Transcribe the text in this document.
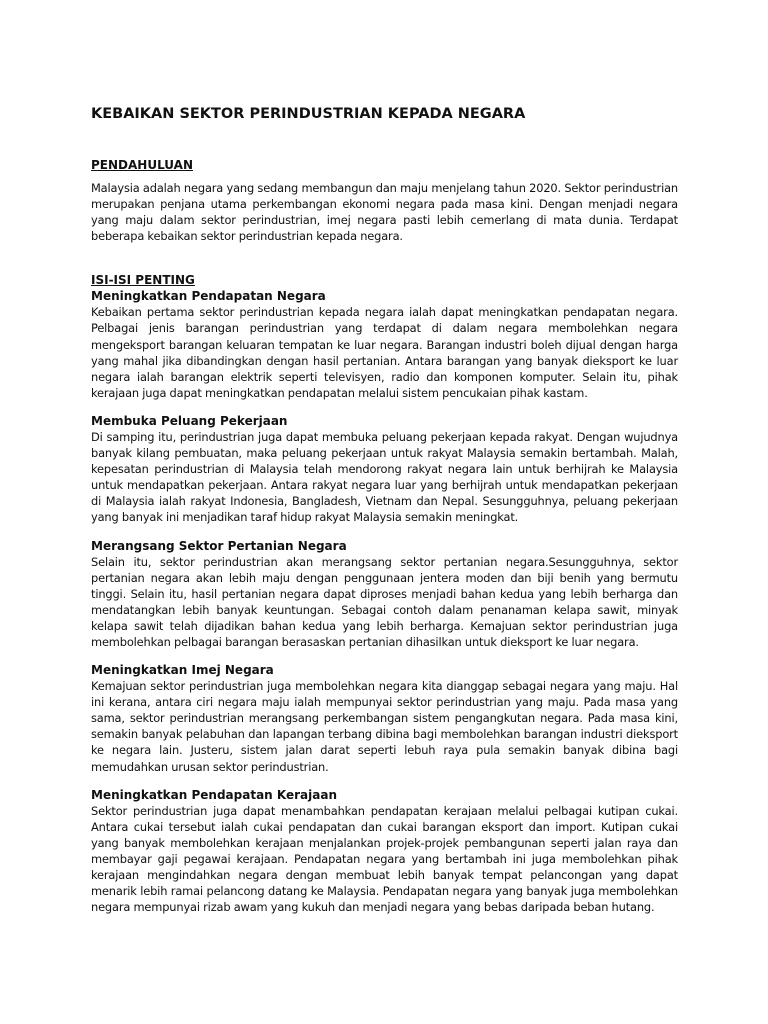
KEBAIKAN SEKTOR PERINDUSTRIAN KEPADA NEGARA
PENDAHULUAN

Malaysia adalah negara yang sedang membangun dan maju menjelang tahun 2020. Sektor perindustrian merupakan penjana utama perkembangan ekonomi negara pada masa kini. Dengan menjadi negara yang maju dalam sektor perindustrian, imej negara pasti lebih cemerlang di mata dunia. Terdapat beberapa kebaikan sektor perindustrian kepada negara.

ISI-ISI PENTING
Meningkatkan Pendapatan Negara

Kebaikan pertama sektor perindustrian kepada negara ialah dapat meningkatkan pendapatan negara. Pelbagai jenis barangan perindustrian yang terdapat di dalam negara membolehkan negara mengeksport barangan keluaran tempatan ke luar negara. Barangan industri boleh dijual dengan harga yang mahal jika dibandingkan dengan hasil pertanian. Antara barangan yang banyak dieksport ke luar negara ialah barangan elektrik seperti televisyen, radio dan komponen komputer. Selain itu, pihak kerajaan juga dapat meningkatkan pendapatan melalui sistem pencukaian pihak kastam.

Membuka Peluang Pekerjaan

Di samping itu, perindustrian juga dapat membuka peluang pekerjaan kepada rakyat. Dengan wujudnya banyak kilang pembuatan, maka peluang pekerjaan untuk rakyat Malaysia semakin bertambah. Malah, kepesatan perindustrian di Malaysia telah mendorong rakyat negara lain untuk berhijrah ke Malaysia untuk mendapatkan pekerjaan. Antara rakyat negara luar yang berhijrah untuk mendapatkan pekerjaan di Malaysia ialah rakyat Indonesia, Bangladesh, Vietnam dan Nepal. Sesungguhnya, peluang pekerjaan yang banyak ini menjadikan taraf hidup rakyat Malaysia semakin meningkat.

Merangsang Sektor Pertanian Negara

Selain itu, sektor perindustrian akan merangsang sektor pertanian negara.Sesungguhnya, sektor pertanian negara akan lebih maju dengan penggunaan jentera moden dan biji benih yang bermutu tinggi. Selain itu, hasil pertanian negara dapat diproses menjadi bahan kedua yang lebih berharga dan mendatangkan lebih banyak keuntungan. Sebagai contoh dalam penanaman kelapa sawit, minyak kelapa sawit telah dijadikan bahan kedua yang lebih berharga. Kemajuan sektor perindustrian juga membolehkan pelbagai barangan berasaskan pertanian dihasilkan untuk dieksport ke luar negara.

Meningkatkan Imej Negara

Kemajuan sektor perindustrian juga membolehkan negara kita dianggap sebagai negara yang maju. Hal ini kerana, antara ciri negara maju ialah mempunyai sektor perindustrian yang maju. Pada masa yang sama, sektor perindustrian merangsang perkembangan sistem pengangkutan negara. Pada masa kini, semakin banyak pelabuhan dan lapangan terbang dibina bagi membolehkan barangan industri dieksport ke negara lain. Justeru, sistem jalan darat seperti lebuh raya pula semakin banyak dibina bagi memudahkan urusan sektor perindustrian.

Meningkatkan Pendapatan Kerajaan

Sektor perindustrian juga dapat menambahkan pendapatan kerajaan melalui pelbagai kutipan cukai. Antara cukai tersebut ialah cukai pendapatan dan cukai barangan eksport dan import. Kutipan cukai yang banyak membolehkan kerajaan menjalankan projek-projek pembangunan seperti jalan raya dan membayar gaji pegawai kerajaan. Pendapatan negara yang bertambah ini juga membolehkan pihak kerajaan mengindahkan negara dengan membuat lebih banyak tempat pelancongan yang dapat menarik lebih ramai pelancong datang ke Malaysia. Pendapatan negara yang banyak juga membolehkan negara mempunyai rizab awam yang kukuh dan menjadi negara yang bebas daripada beban hutang.
